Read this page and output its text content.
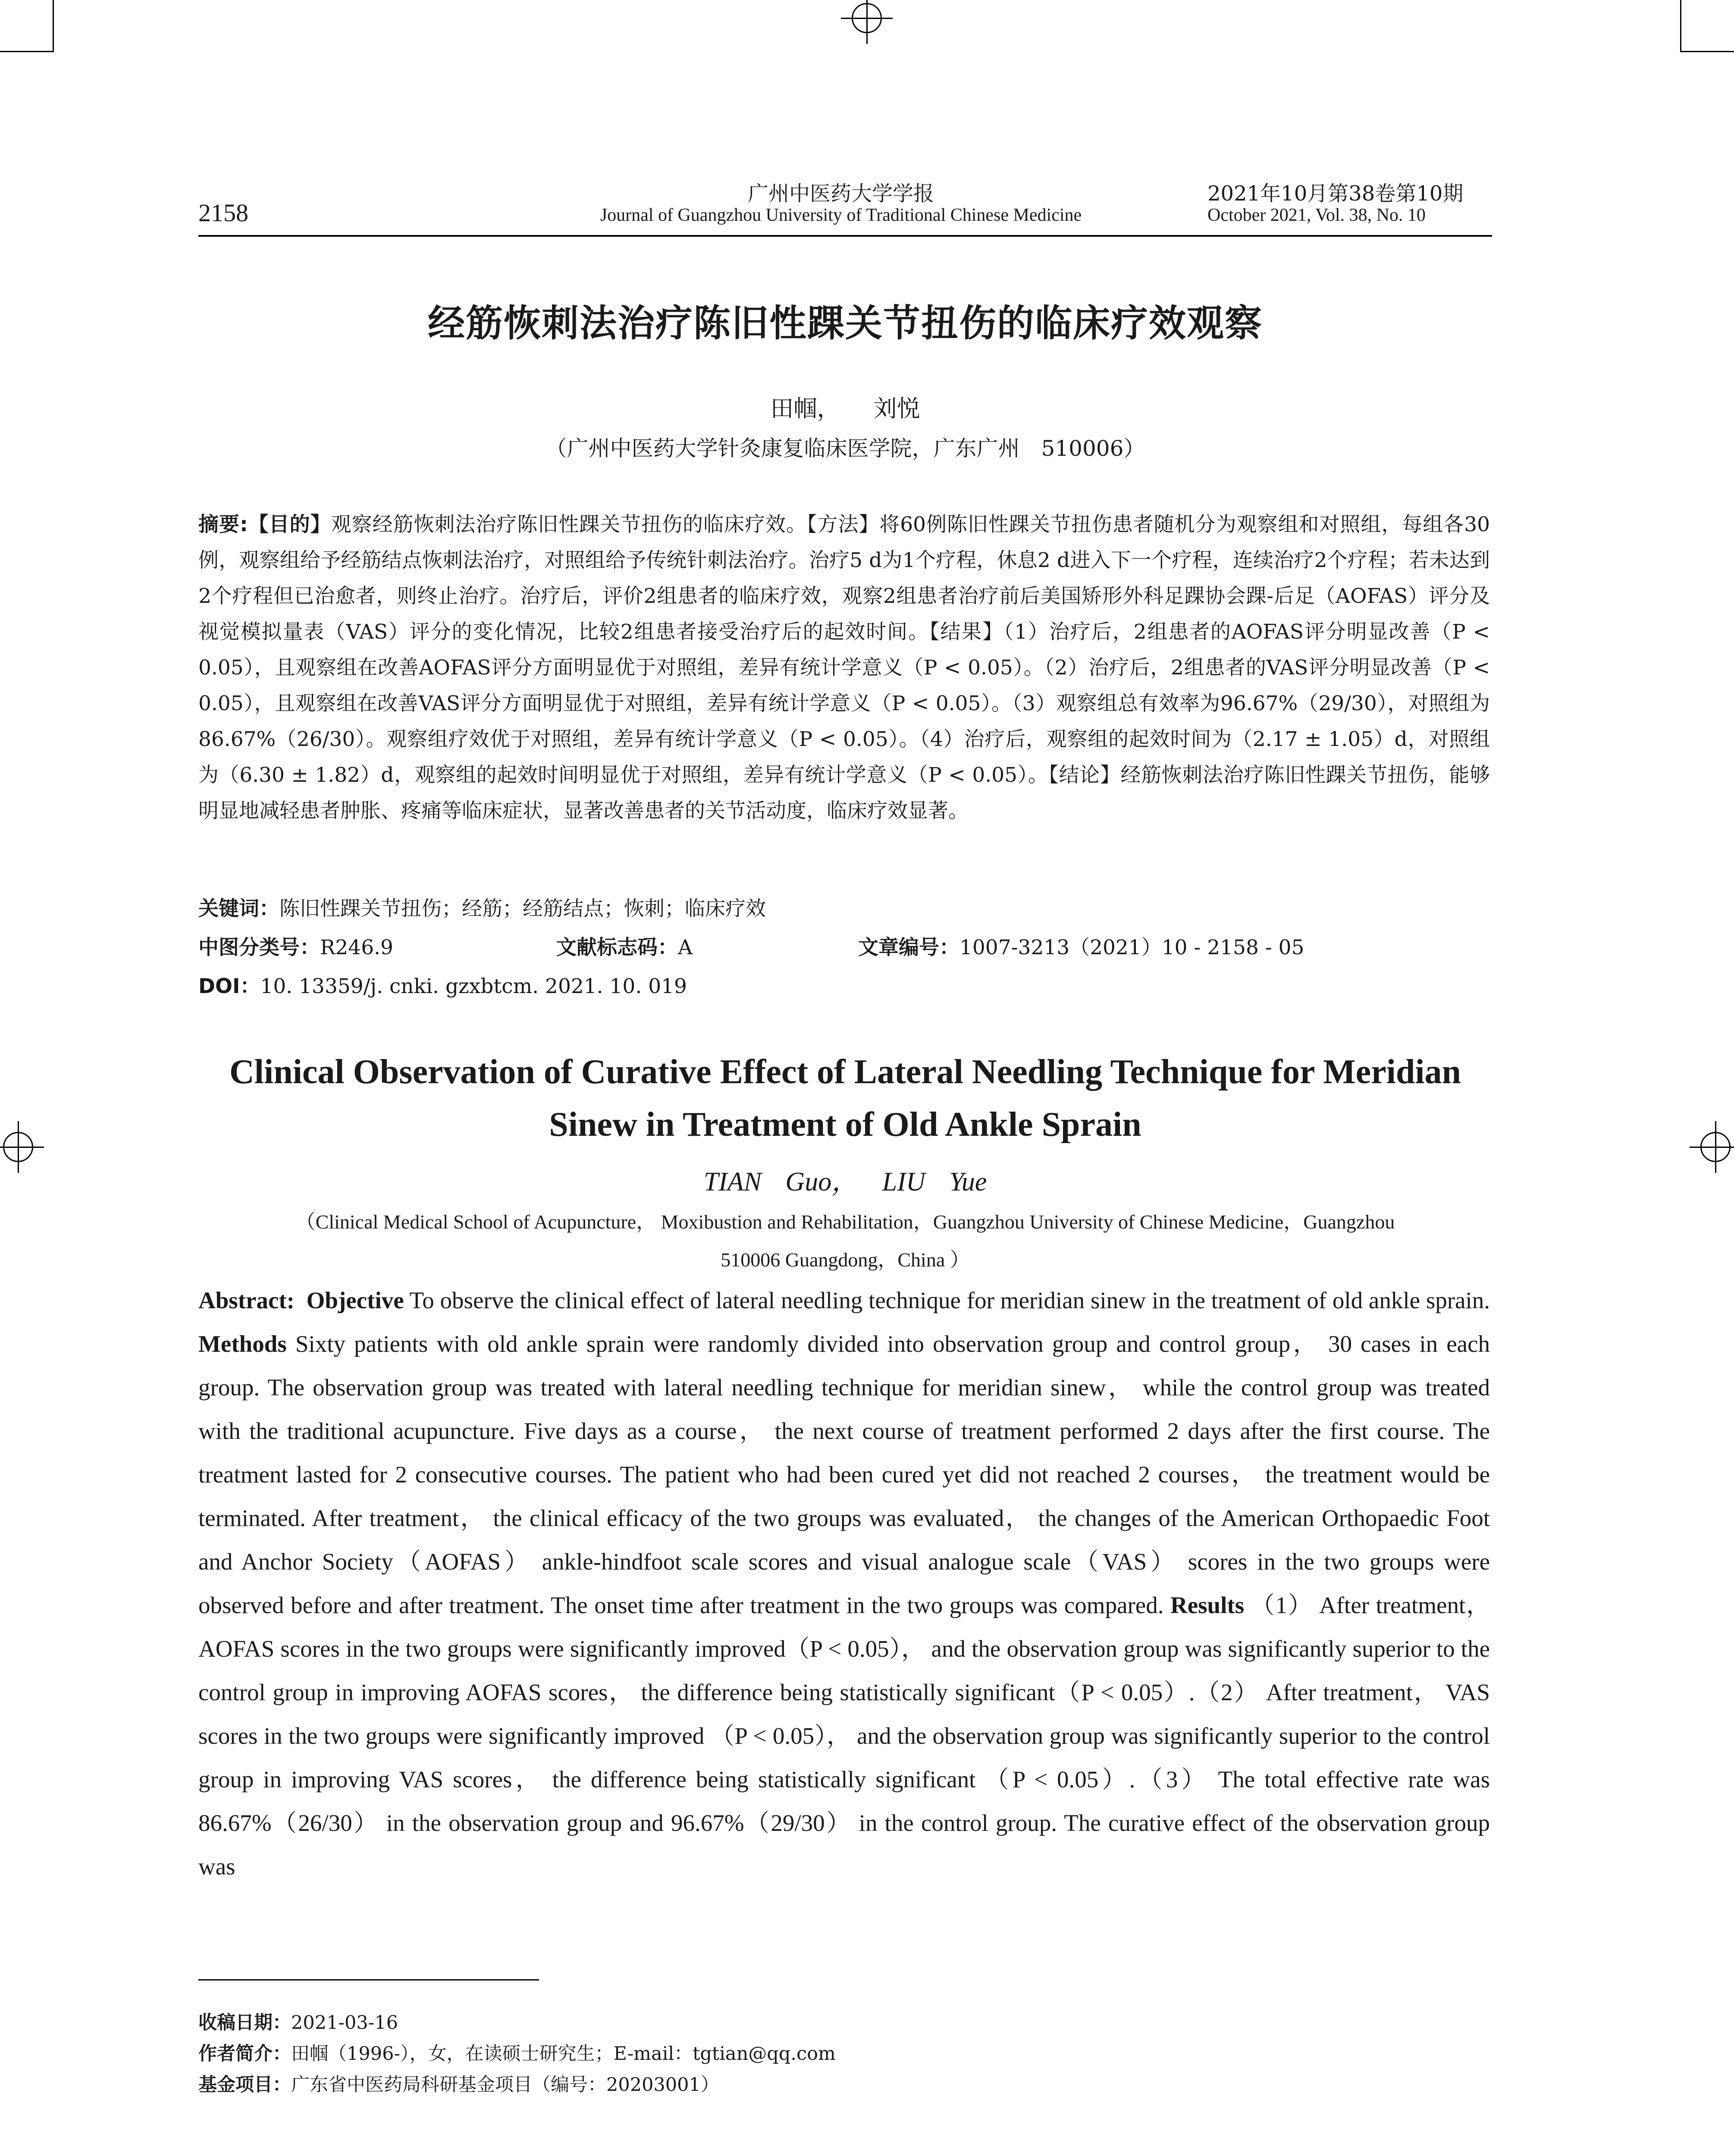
2158
广州中医药大学学报
Journal of Guangzhou University of Traditional Chinese Medicine
2021年10月第38卷第10期
October 2021, Vol. 38, No. 10
经筋恢刺法治疗陈旧性踝关节扭伤的临床疗效观察
田帼， 刘悦
（广州中医药大学针灸康复临床医学院，广东广州　510006）
摘要:【目的】观察经筋恢刺法治疗陈旧性踝关节扭伤的临床疗效。【方法】将60例陈旧性踝关节扭伤患者随机分为观察组和对照组，每组各30例，观察组给予经筋结点恢刺法治疗，对照组给予传统针刺法治疗。治疗5 d为1个疗程，休息2 d进入下一个疗程，连续治疗2个疗程；若未达到2个疗程但已治愈者，则终止治疗。治疗后，评价2组患者的临床疗效，观察2组患者治疗前后美国矫形外科足踝协会踝-后足（AOFAS）评分及视觉模拟量表（VAS）评分的变化情况，比较2组患者接受治疗后的起效时间。【结果】（1）治疗后，2组患者的AOFAS评分明显改善（P < 0.05），且观察组在改善AOFAS评分方面明显优于对照组，差异有统计学意义（P < 0.05）。（2）治疗后，2组患者的VAS评分明显改善（P < 0.05），且观察组在改善VAS评分方面明显优于对照组，差异有统计学意义（P < 0.05）。（3）观察组总有效率为96.67%（29/30），对照组为86.67%（26/30）。观察组疗效优于对照组，差异有统计学意义（P < 0.05）。（4）治疗后，观察组的起效时间为（2.17 ± 1.05）d，对照组为（6.30 ± 1.82）d，观察组的起效时间明显优于对照组，差异有统计学意义（P < 0.05）。【结论】经筋恢刺法治疗陈旧性踝关节扭伤，能够明显地减轻患者肿胀、疼痛等临床症状，显著改善患者的关节活动度，临床疗效显著。
关键词：陈旧性踝关节扭伤；经筋；经筋结点；恢刺；临床疗效
中图分类号：R246.9	文献标志码：A	文章编号：1007-3213（2021）10 - 2158 - 05
DOI：10. 13359/j. cnki. gzxbtcm. 2021. 10. 019
Clinical Observation of Curative Effect of Lateral Needling Technique for Meridian Sinew in Treatment of Old Ankle Sprain
TIAN Guo， LIU Yue
（Clinical Medical School of Acupuncture， Moxibustion and Rehabilitation，Guangzhou University of Chinese Medicine，Guangzhou 510006 Guangdong，China ）
Abstract: Objective To observe the clinical effect of lateral needling technique for meridian sinew in the treatment of old ankle sprain. Methods Sixty patients with old ankle sprain were randomly divided into observation group and control group， 30 cases in each group. The observation group was treated with lateral needling technique for meridian sinew， while the control group was treated with the traditional acupuncture. Five days as a course， the next course of treatment performed 2 days after the first course. The treatment lasted for 2 consecutive courses. The patient who had been cured yet did not reached 2 courses， the treatment would be terminated. After treatment， the clinical efficacy of the two groups was evaluated， the changes of the American Orthopaedic Foot and Anchor Society（AOFAS） ankle-hindfoot scale scores and visual analogue scale（VAS） scores in the two groups were observed before and after treatment. The onset time after treatment in the two groups was compared. Results （1） After treatment， AOFAS scores in the two groups were significantly improved（P < 0.05）， and the observation group was significantly superior to the control group in improving AOFAS scores， the difference being statistically significant（P < 0.05）.（2） After treatment， VAS scores in the two groups were significantly improved （P < 0.05）， and the observation group was significantly superior to the control group in improving VAS scores， the difference being statistically significant （P < 0.05）.（3） The total effective rate was 86.67%（26/30） in the observation group and 96.67%（29/30） in the control group. The curative effect of the observation group was
收稿日期：2021-03-16
作者简介：田帼（1996-），女，在读硕士研究生；E-mail：tgtian@qq.com
基金项目：广东省中医药局科研基金项目（编号：20203001）
